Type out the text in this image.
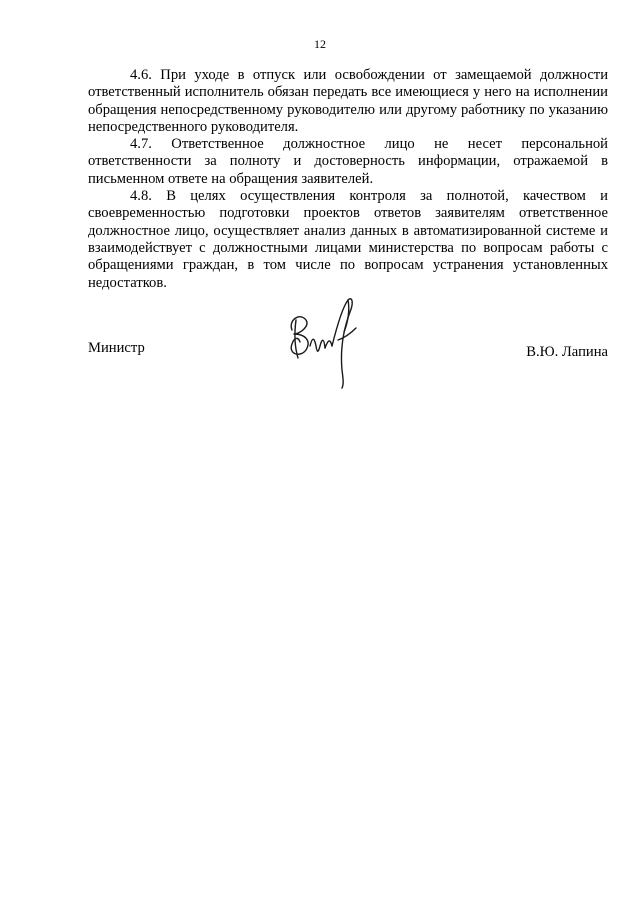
12

4.6. При уходе в отпуск или освобождении от замещаемой должности ответственный исполнитель обязан передать все имеющиеся у него на исполнении обращения непосредственному руководителю или другому работнику по указанию непосредственного руководителя.

4.7. Ответственное должностное лицо не несет персональной ответственности за полноту и достоверность информации, отражаемой в письменном ответе на обращения заявителей.

4.8. В целях осуществления контроля за полнотой, качеством и своевременностью подготовки проектов ответов заявителям ответственное должностное лицо, осуществляет анализ данных в автоматизированной системе и взаимодействует с должностными лицами министерства по вопросам работы с обращениями граждан, в том числе по вопросам устранения установленных недостатков.

Министр	В.Ю. Лапина
